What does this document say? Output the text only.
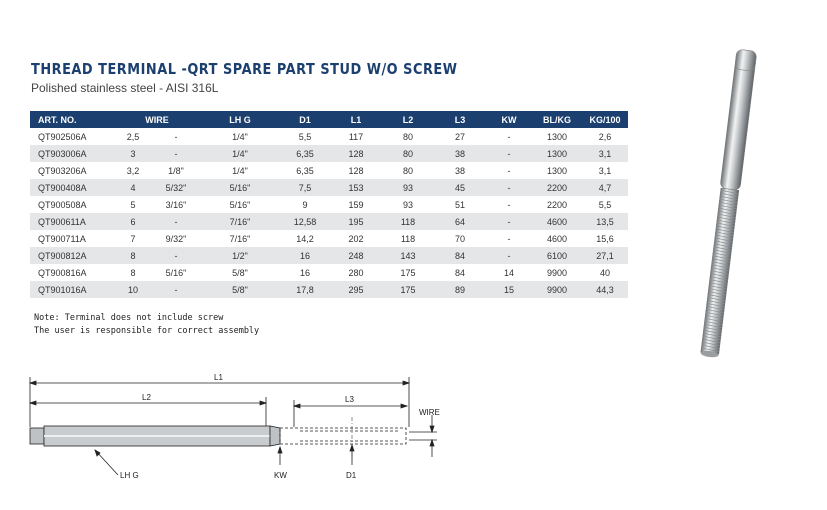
THREAD TERMINAL -QRT SPARE PART STUD W/O SCREW
Polished stainless steel - AISI 316L
ART. NO.	WIRE		LH G	D1	L1	L2	L3	KW	BL/KG	KG/100
QT902506A	2,5	-	1/4"	5,5	117	80	27	-	1300	2,6
QT903006A	3	-	1/4"	6,35	128	80	38	-	1300	3,1
QT903206A	3,2	1/8"	1/4"	6,35	128	80	38	-	1300	3,1
QT900408A	4	5/32"	5/16"	7,5	153	93	45	-	2200	4,7
QT900508A	5	3/16"	5/16"	9	159	93	51	-	2200	5,5
QT900611A	6	-	7/16"	12,58	195	118	64	-	4600	13,5
QT900711A	7	9/32"	7/16"	14,2	202	118	70	-	4600	15,6
QT900812A	8	-	1/2"	16	248	143	84	-	6100	27,1
QT900816A	8	5/16"	5/8"	16	280	175	84	14	9900	40
QT901016A	10	-	5/8"	17,8	295	175	89	15	9900	44,3
Note: Terminal does not include screw
The user is responsible for correct assembly
L1
L2	L3
WIRE
LH G	KW	D1
